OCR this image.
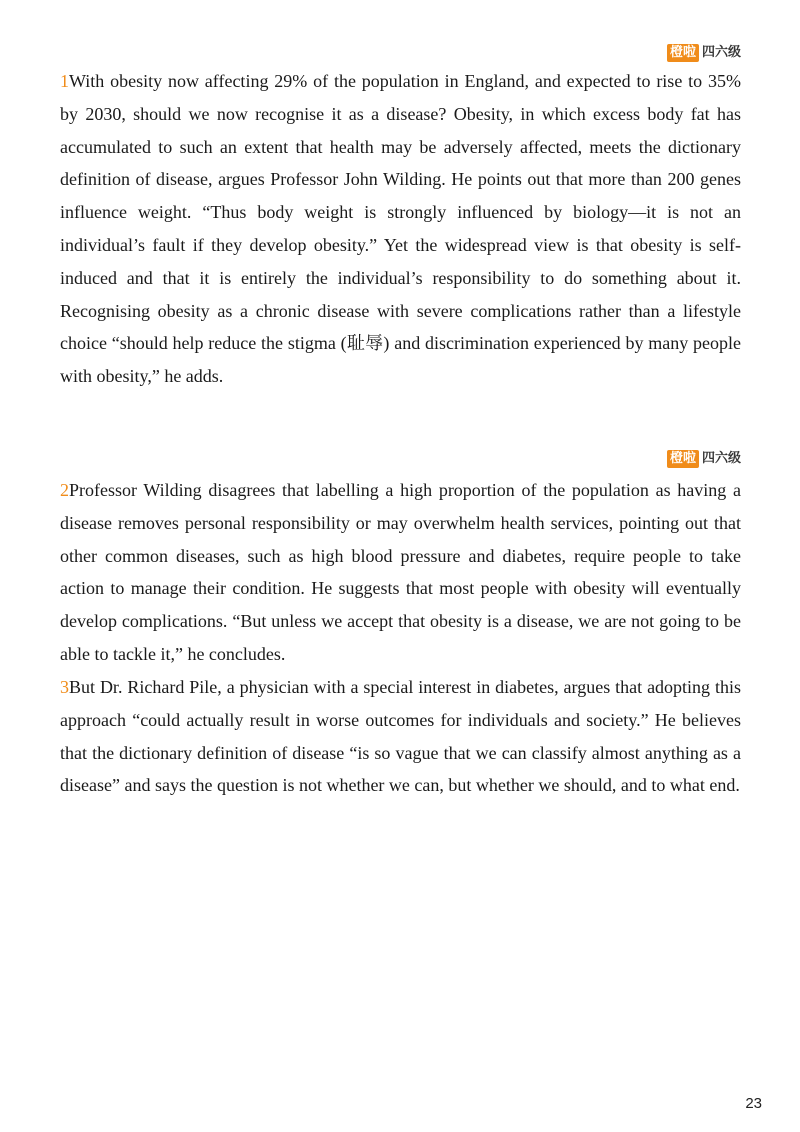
橙啦 四六级

1With obesity now affecting 29% of the population in England, and expected to rise to 35% by 2030, should we now recognise it as a disease? Obesity, in which excess body fat has accumulated to such an extent that health may be adversely affected, meets the dictionary definition of disease, argues Professor John Wilding. He points out that more than 200 genes influence weight. “Thus body weight is strongly influenced by biology—it is not an individual’s fault if they develop obesity.” Yet the widespread view is that obesity is self-induced and that it is entirely the individual’s responsibility to do something about it. Recognising obesity as a chronic disease with severe complications rather than a lifestyle choice “should help reduce the stigma (耻辱) and discrimination experienced by many people with obesity,” he adds.

橙啦 四六级

2Professor Wilding disagrees that labelling a high proportion of the population as having a disease removes personal responsibility or may overwhelm health services, pointing out that other common diseases, such as high blood pressure and diabetes, require people to take action to manage their condition. He suggests that most people with obesity will eventually develop complications. “But unless we accept that obesity is a disease, we are not going to be able to tackle it,” he concludes.

3But Dr. Richard Pile, a physician with a special interest in diabetes, argues that adopting this approach “could actually result in worse outcomes for individuals and society.” He believes that the dictionary definition of disease “is so vague that we can classify almost anything as a disease” and says the question is not whether we can, but whether we should, and to what end.

23
